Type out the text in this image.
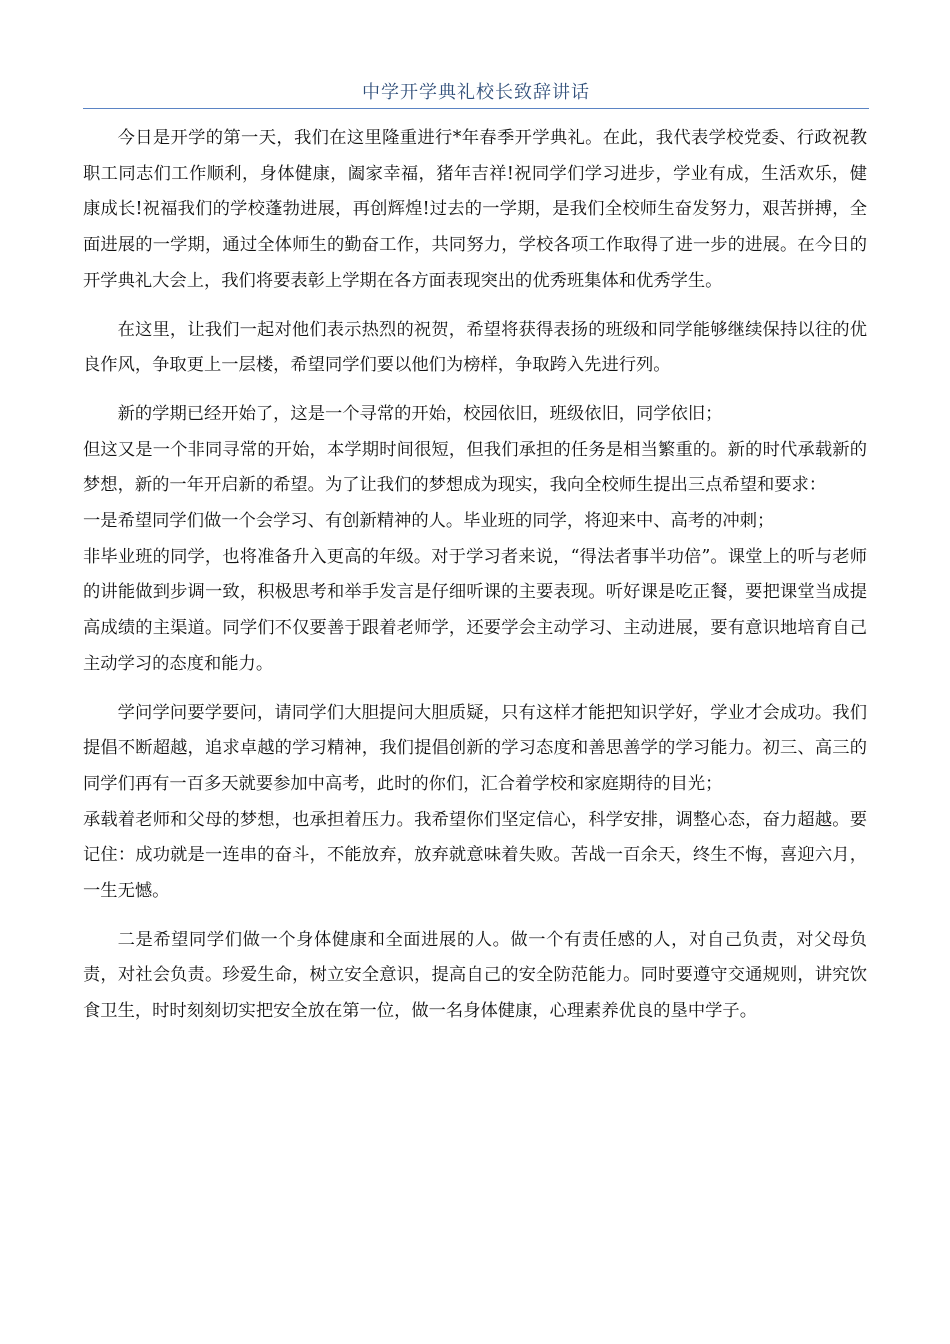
中学开学典礼校长致辞讲话

今日是开学的第一天，我们在这里隆重进行*年春季开学典礼。在此，我代表学校党委、行政祝教职工同志们工作顺利，身体健康，阖家幸福，猪年吉祥!祝同学们学习进步，学业有成，生活欢乐，健康成长!祝福我们的学校蓬勃进展，再创辉煌!过去的一学期，是我们全校师生奋发努力，艰苦拼搏，全面进展的一学期，通过全体师生的勤奋工作，共同努力，学校各项工作取得了进一步的进展。在今日的开学典礼大会上，我们将要表彰上学期在各方面表现突出的优秀班集体和优秀学生。

在这里，让我们一起对他们表示热烈的祝贺，希望将获得表扬的班级和同学能够继续保持以往的优良作风，争取更上一层楼，希望同学们要以他们为榜样，争取跨入先进行列。

新的学期已经开始了，这是一个寻常的开始，校园依旧，班级依旧，同学依旧；

但这又是一个非同寻常的开始，本学期时间很短，但我们承担的任务是相当繁重的。新的时代承载新的梦想，新的一年开启新的希望。为了让我们的梦想成为现实，我向全校师生提出三点希望和要求：

一是希望同学们做一个会学习、有创新精神的人。毕业班的同学，将迎来中、高考的冲刺；

非毕业班的同学，也将准备升入更高的年级。对于学习者来说，“得法者事半功倍”。课堂上的听与老师的讲能做到步调一致，积极思考和举手发言是仔细听课的主要表现。听好课是吃正餐，要把课堂当成提高成绩的主渠道。同学们不仅要善于跟着老师学，还要学会主动学习、主动进展，要有意识地培育自己主动学习的态度和能力。

学问学问要学要问，请同学们大胆提问大胆质疑，只有这样才能把知识学好，学业才会成功。我们提倡不断超越，追求卓越的学习精神，我们提倡创新的学习态度和善思善学的学习能力。初三、高三的同学们再有一百多天就要参加中高考，此时的你们，汇合着学校和家庭期待的目光；

承载着老师和父母的梦想，也承担着压力。我希望你们坚定信心，科学安排，调整心态，奋力超越。要记住：成功就是一连串的奋斗，不能放弃，放弃就意味着失败。苦战一百余天，终生不悔，喜迎六月，一生无憾。

二是希望同学们做一个身体健康和全面进展的人。做一个有责任感的人，对自己负责，对父母负责，对社会负责。珍爱生命，树立安全意识，提高自己的安全防范能力。同时要遵守交通规则，讲究饮食卫生，时时刻刻切实把安全放在第一位，做一名身体健康，心理素养优良的垦中学子。
